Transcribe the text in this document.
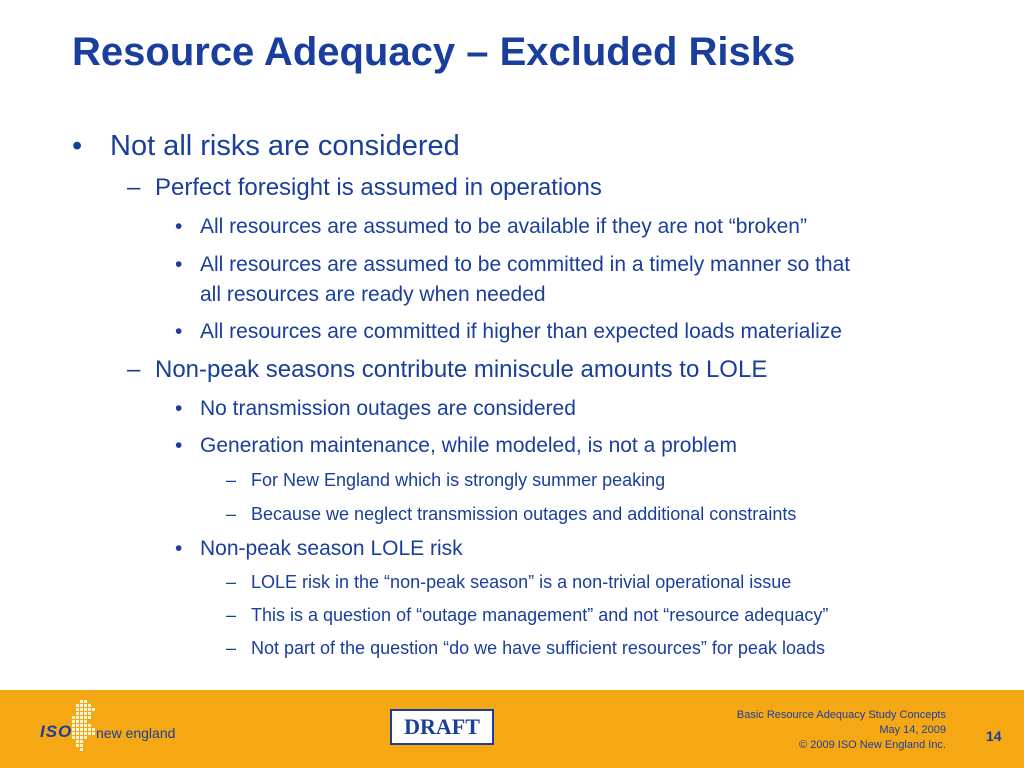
Resource Adequacy – Excluded Risks
• Not all risks are considered
– Perfect foresight is assumed in operations
• All resources are assumed to be available if they are not “broken”
• All resources are assumed to be committed in a timely manner so that
all resources are ready when needed
• All resources are committed if higher than expected loads materialize
– Non-peak seasons contribute miniscule amounts to LOLE
• No transmission outages are considered
• Generation maintenance, while modeled, is not a problem
– For New England which is strongly summer peaking
– Because we neglect transmission outages and additional constraints
• Non-peak season LOLE risk
– LOLE risk in the “non-peak season” is a non-trivial operational issue
– This is a question of “outage management” and not “resource adequacy”
– Not part of the question “do we have sufficient resources” for peak loads
ISO new england	DRAFT	Basic Resource Adequacy Study Concepts
May 14, 2009
© 2009 ISO New England Inc.
14
